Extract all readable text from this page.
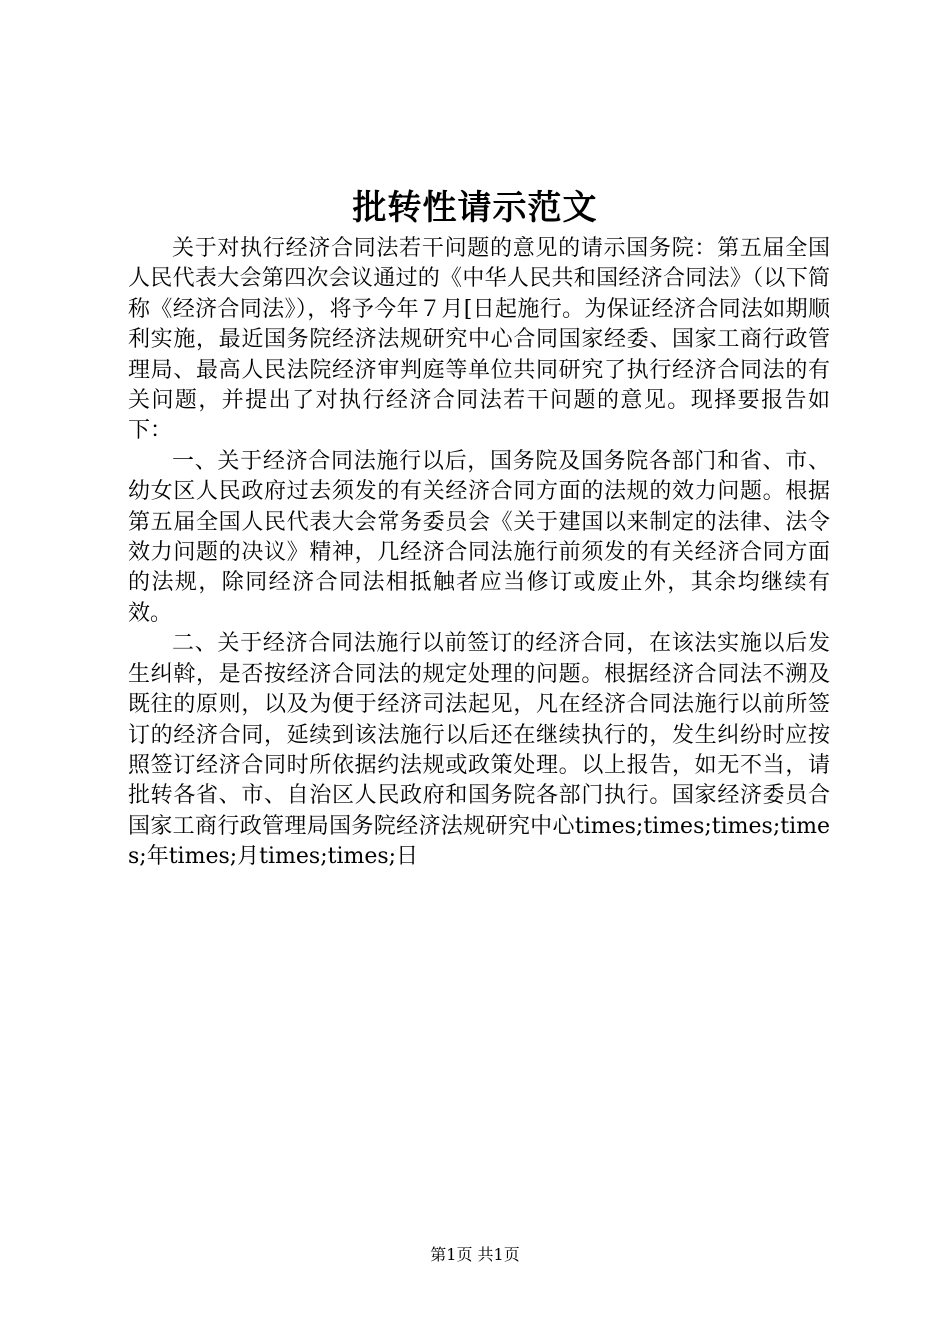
批转性请示范文

关于对执行经济合同法若干问题的意见的请示国务院：第五届全国人民代表大会第四次会议通过的《中华人民共和国经济合同法》（以下简称《经济合同法》），将予今年７月[日起施行。为保证经济合同法如期顺利实施，最近国务院经济法规研究中心合同国家经委、国家工商行政管理局、最高人民法院经济审判庭等单位共同研究了执行经济合同法的有关问题，并提出了对执行经济合同法若干问题的意见。现择要报告如下：

一、关于经济合同法施行以后，国务院及国务院各部门和省、市、幼女区人民政府过去须发的有关经济合同方面的法规的效力问题。根据第五届全国人民代表大会常务委员会《关于建国以来制定的法律、法令效力问题的决议》精神，几经济合同法施行前须发的有关经济合同方面的法规，除同经济合同法相抵触者应当修订或废止外，其余均继续有效。

二、关于经济合同法施行以前签订的经济合同，在该法实施以后发生纠斡，是否按经济合同法的规定处理的问题。根据经济合同法不溯及既往的原则，以及为便于经济司法起见，凡在经济合同法施行以前所签订的经济合同，延续到该法施行以后还在继续执行的，发生纠纷时应按照签订经济合同时所依据约法规或政策处理。以上报告，如无不当，请批转各省、市、自治区人民政府和国务院各部门执行。国家经济委员合国家工商行政管理局国务院经济法规研究中心times;times;times;times;年times;月times;times;日

第1页 共1页
